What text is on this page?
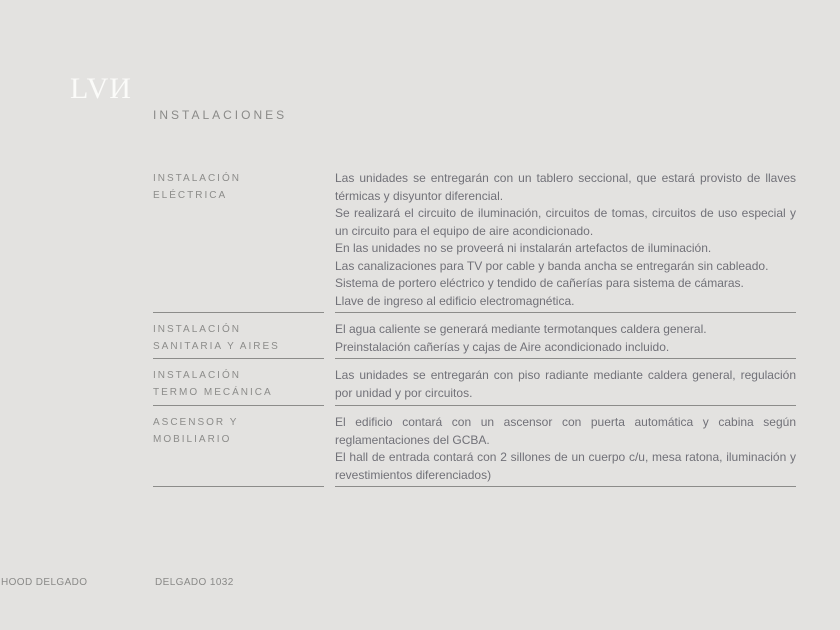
LVИ
INSTALACIONES
INSTALACIÓN
ELÉCTRICA

Las unidades se entregarán con un tablero seccional, que estará provisto de llaves térmicas y disyuntor diferencial.

Se realizará el circuito de iluminación, circuitos de tomas, circuitos de uso especial y un circuito para el equipo de aire acondicionado.

En las unidades no se proveerá ni instalarán artefactos de iluminación.

Las canalizaciones para TV por cable y banda ancha se entregarán sin cableado.

Sistema de portero eléctrico y tendido de cañerías para sistema de cámaras.

Llave de ingreso al edificio electromagnética.

INSTALACIÓN
SANITARIA Y AIRES

El agua caliente se generará mediante termotanques caldera general.

Preinstalación cañerías y cajas de Aire acondicionado incluido.

INSTALACIÓN
TERMO MECÁNICA

Las unidades se entregarán con piso radiante mediante caldera general, regulación por unidad y por circuitos.

ASCENSOR Y
MOBILIARIO

El edificio contará con un ascensor con puerta automática y cabina según reglamentaciones del GCBA.

El hall de entrada contará con 2 sillones de un cuerpo c/u, mesa ratona, iluminación y revestimientos diferenciados)

HOOD DELGADO	DELGADO 1032
